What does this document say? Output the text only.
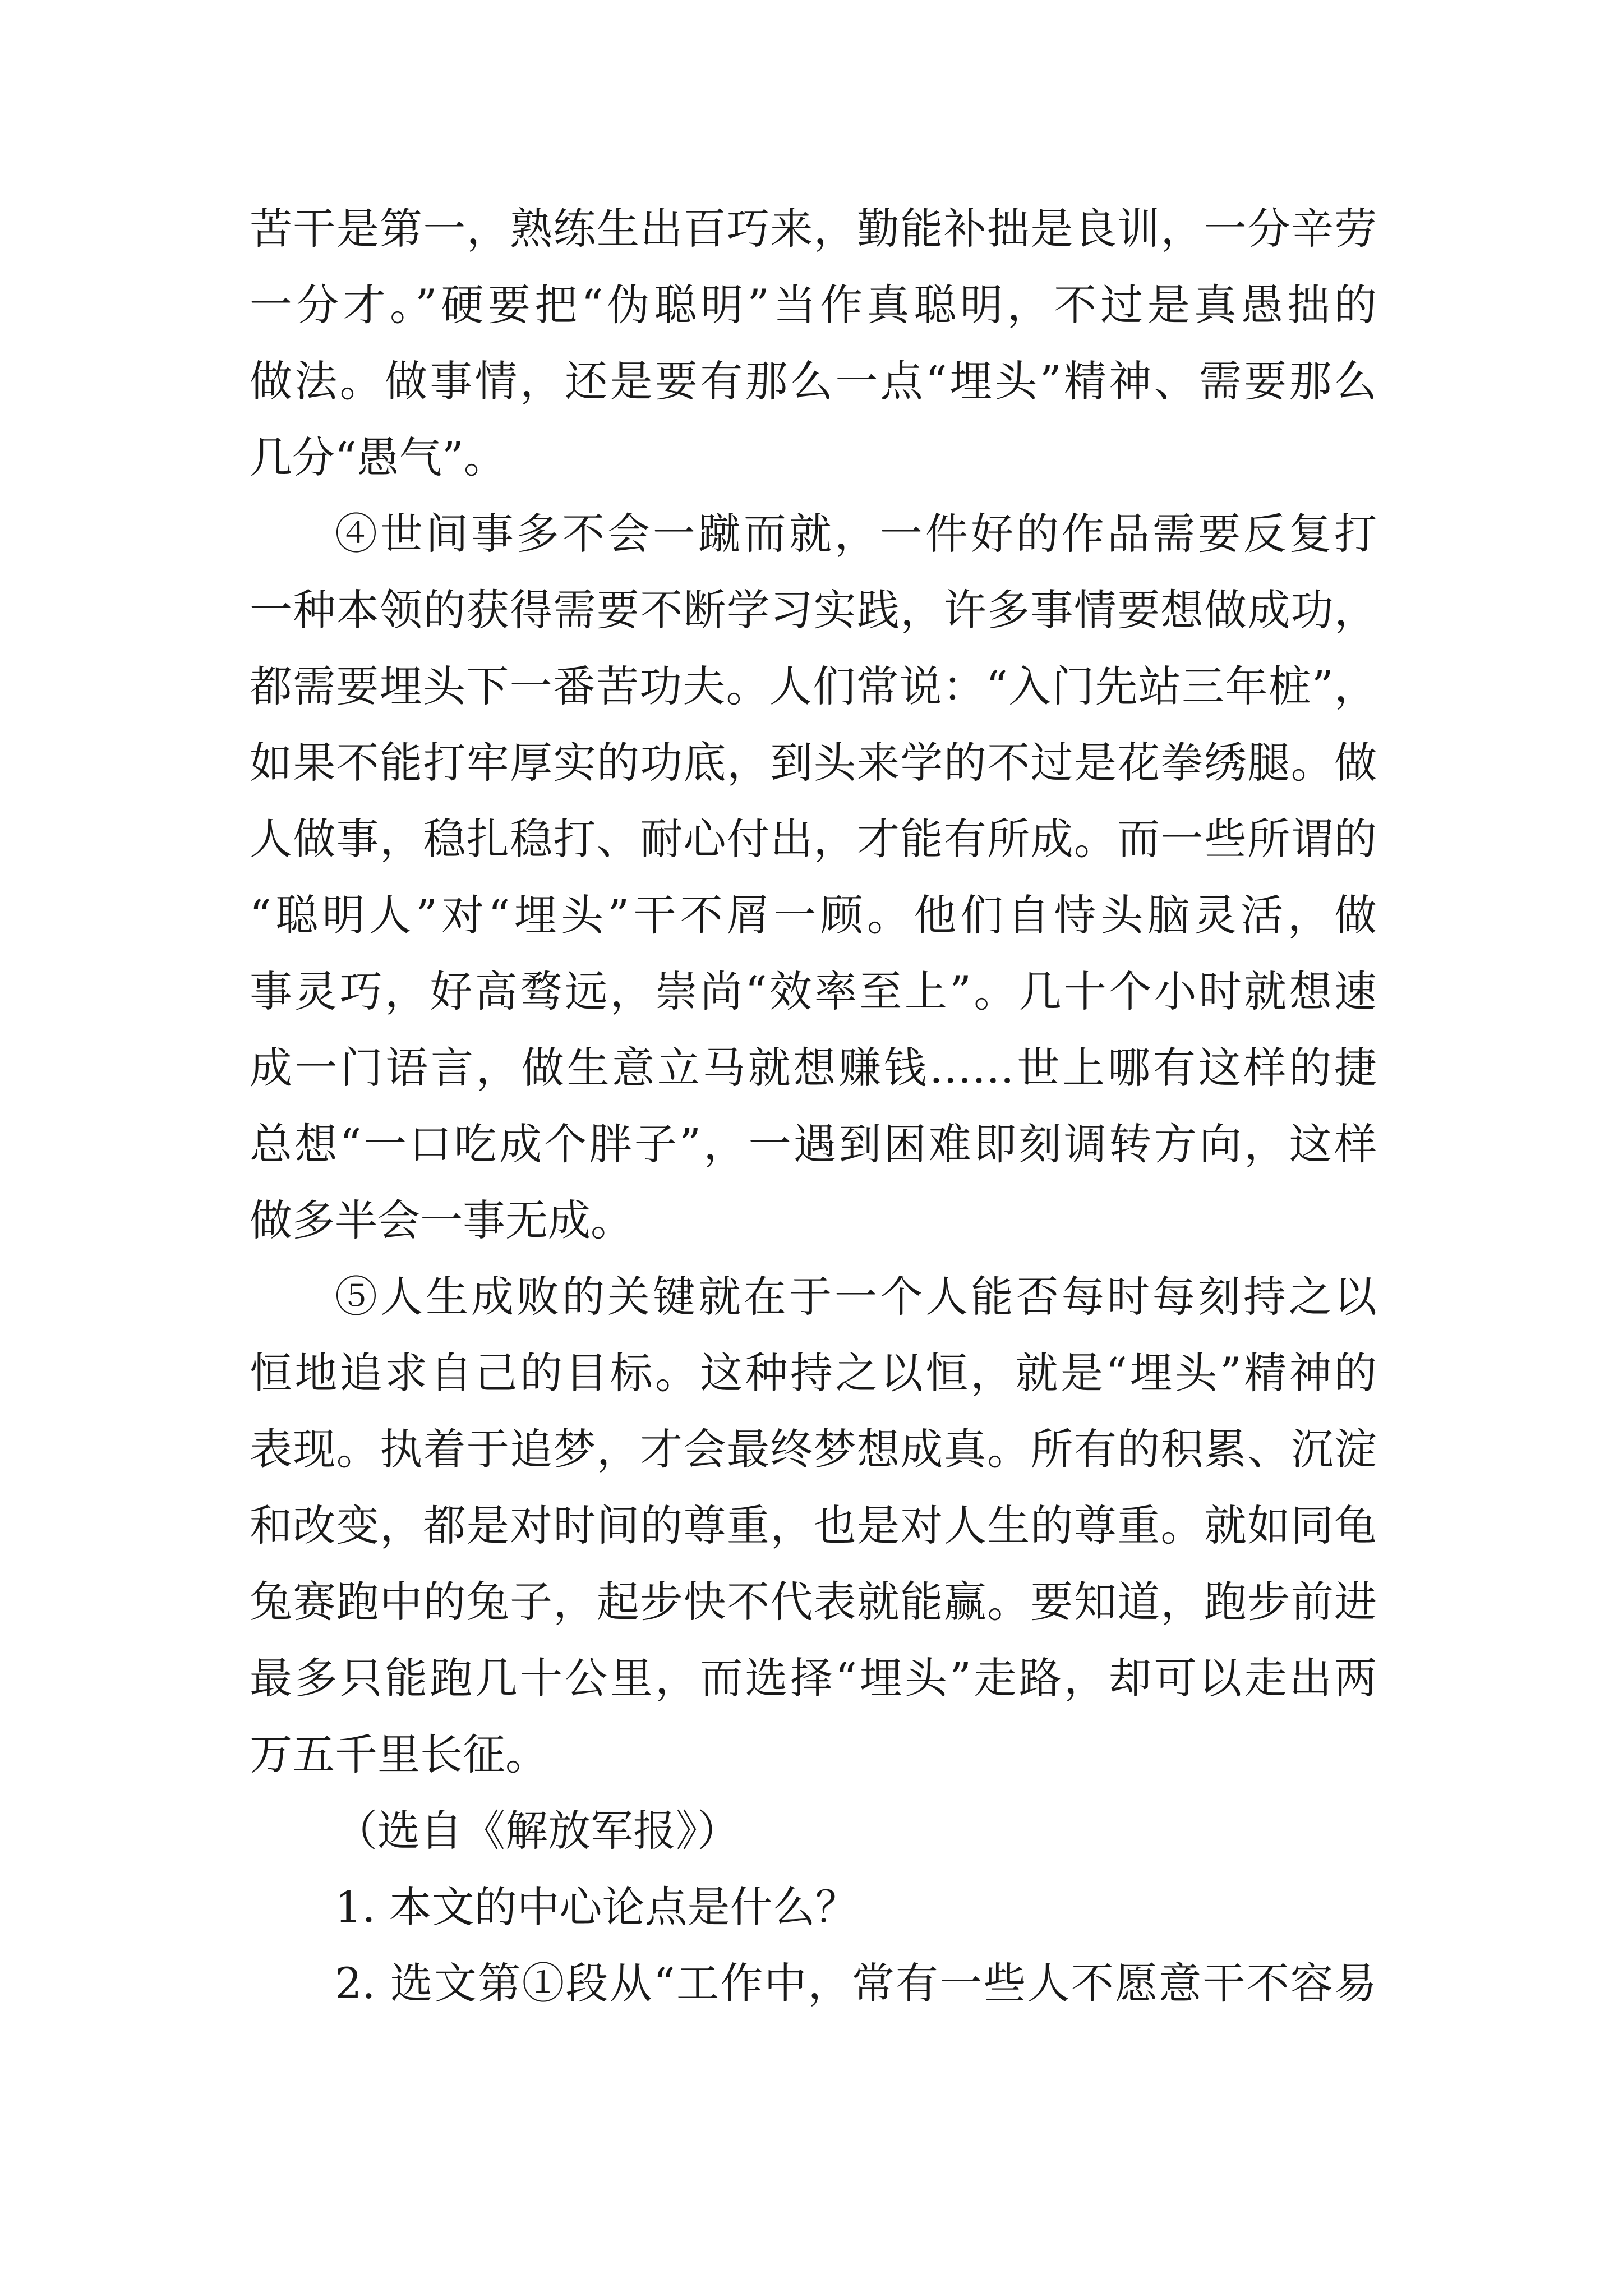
苦干是第一，熟练生出百巧来，勤能补拙是良训，一分辛劳
一分才。”硬要把“伪聪明”当作真聪明，不过是真愚拙的
做法。做事情，还是要有那么一点“埋头”精神、需要那么
几分“愚气”。
④世间事多不会一蹴而就，一件好的作品需要反复打
一种本领的获得需要不断学习实践，许多事情要想做成功，
都需要埋头下一番苦功夫。人们常说：“入门先站三年桩”，
如果不能打牢厚实的功底，到头来学的不过是花拳绣腿。做
人做事，稳扎稳打、耐心付出，才能有所成。而一些所谓的
“聪明人”对“埋头”干不屑一顾。他们自恃头脑灵活，做
事灵巧，好高骛远，崇尚“效率至上”。几十个小时就想速
成一门语言，做生意立马就想赚钱……世上哪有这样的捷
总想“一口吃成个胖子”，一遇到困难即刻调转方向，这样
做多半会一事无成。
⑤人生成败的关键就在于一个人能否每时每刻持之以
恒地追求自己的目标。这种持之以恒，就是“埋头”精神的
表现。执着于追梦，才会最终梦想成真。所有的积累、沉淀
和改变，都是对时间的尊重，也是对人生的尊重。就如同龟
兔赛跑中的兔子，起步快不代表就能赢。要知道，跑步前进
最多只能跑几十公里，而选择“埋头”走路，却可以走出两
万五千里长征。
（选自《解放军报》）
1. 本文的中心论点是什么？
2. 选文第①段从“工作中，常有一些人不愿意干不容易
